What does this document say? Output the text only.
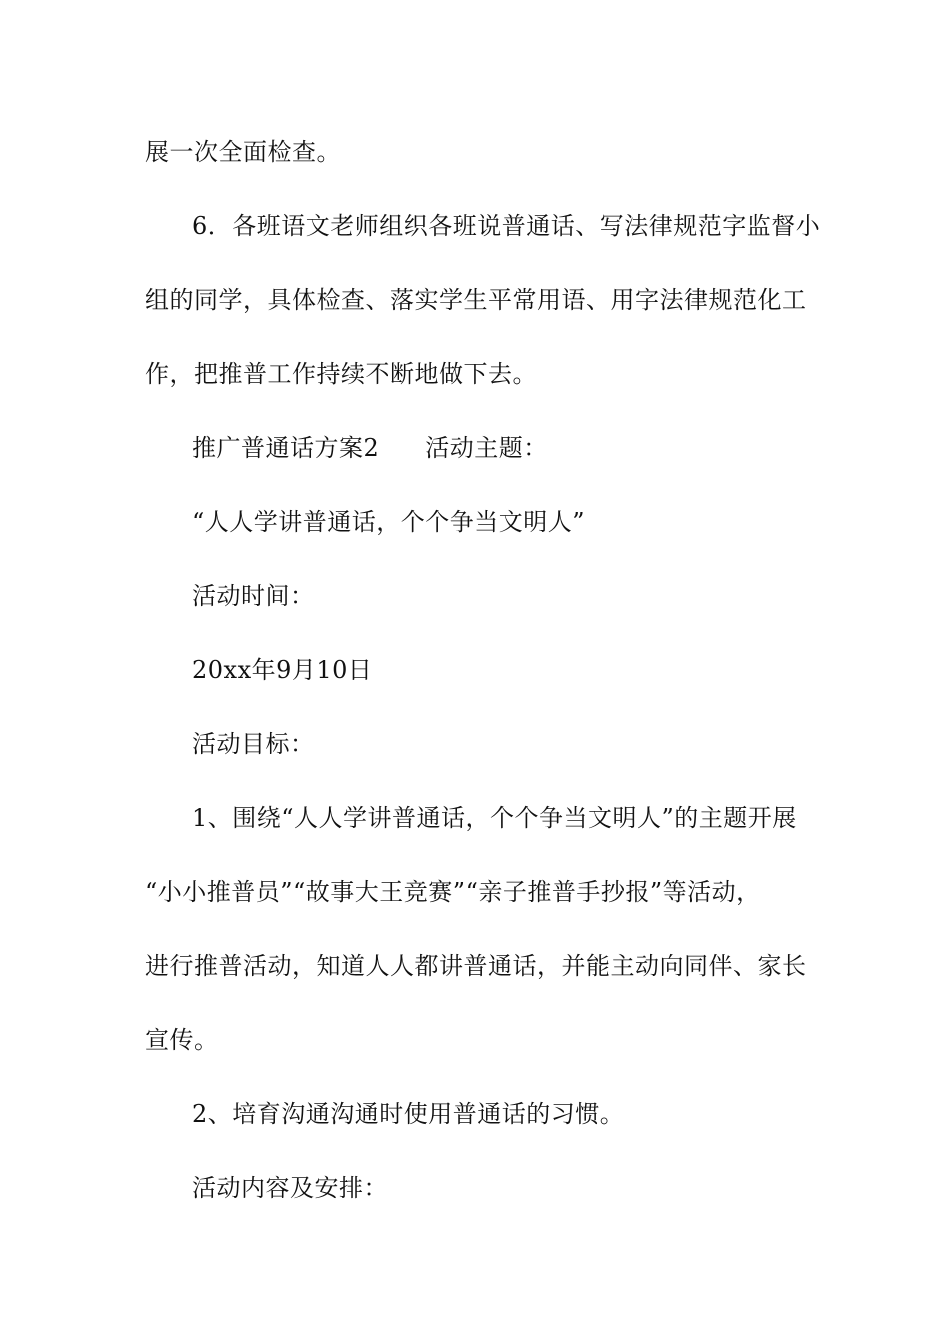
展一次全面检查。
6．各班语文老师组织各班说普通话、写法律规范字监督小
组的同学，具体检查、落实学生平常用语、用字法律规范化工
作，把推普工作持续不断地做下去。
推广普通话方案2 活动主题：
“人人学讲普通话，个个争当文明人”
活动时间：
20xx年9月10日
活动目标：
1、围绕“人人学讲普通话，个个争当文明人”的主题开展
“小小推普员”“故事大王竞赛”“亲子推普手抄报”等活动，
进行推普活动，知道人人都讲普通话，并能主动向同伴、家长
宣传。
2、培育沟通沟通时使用普通话的习惯。
活动内容及安排：
